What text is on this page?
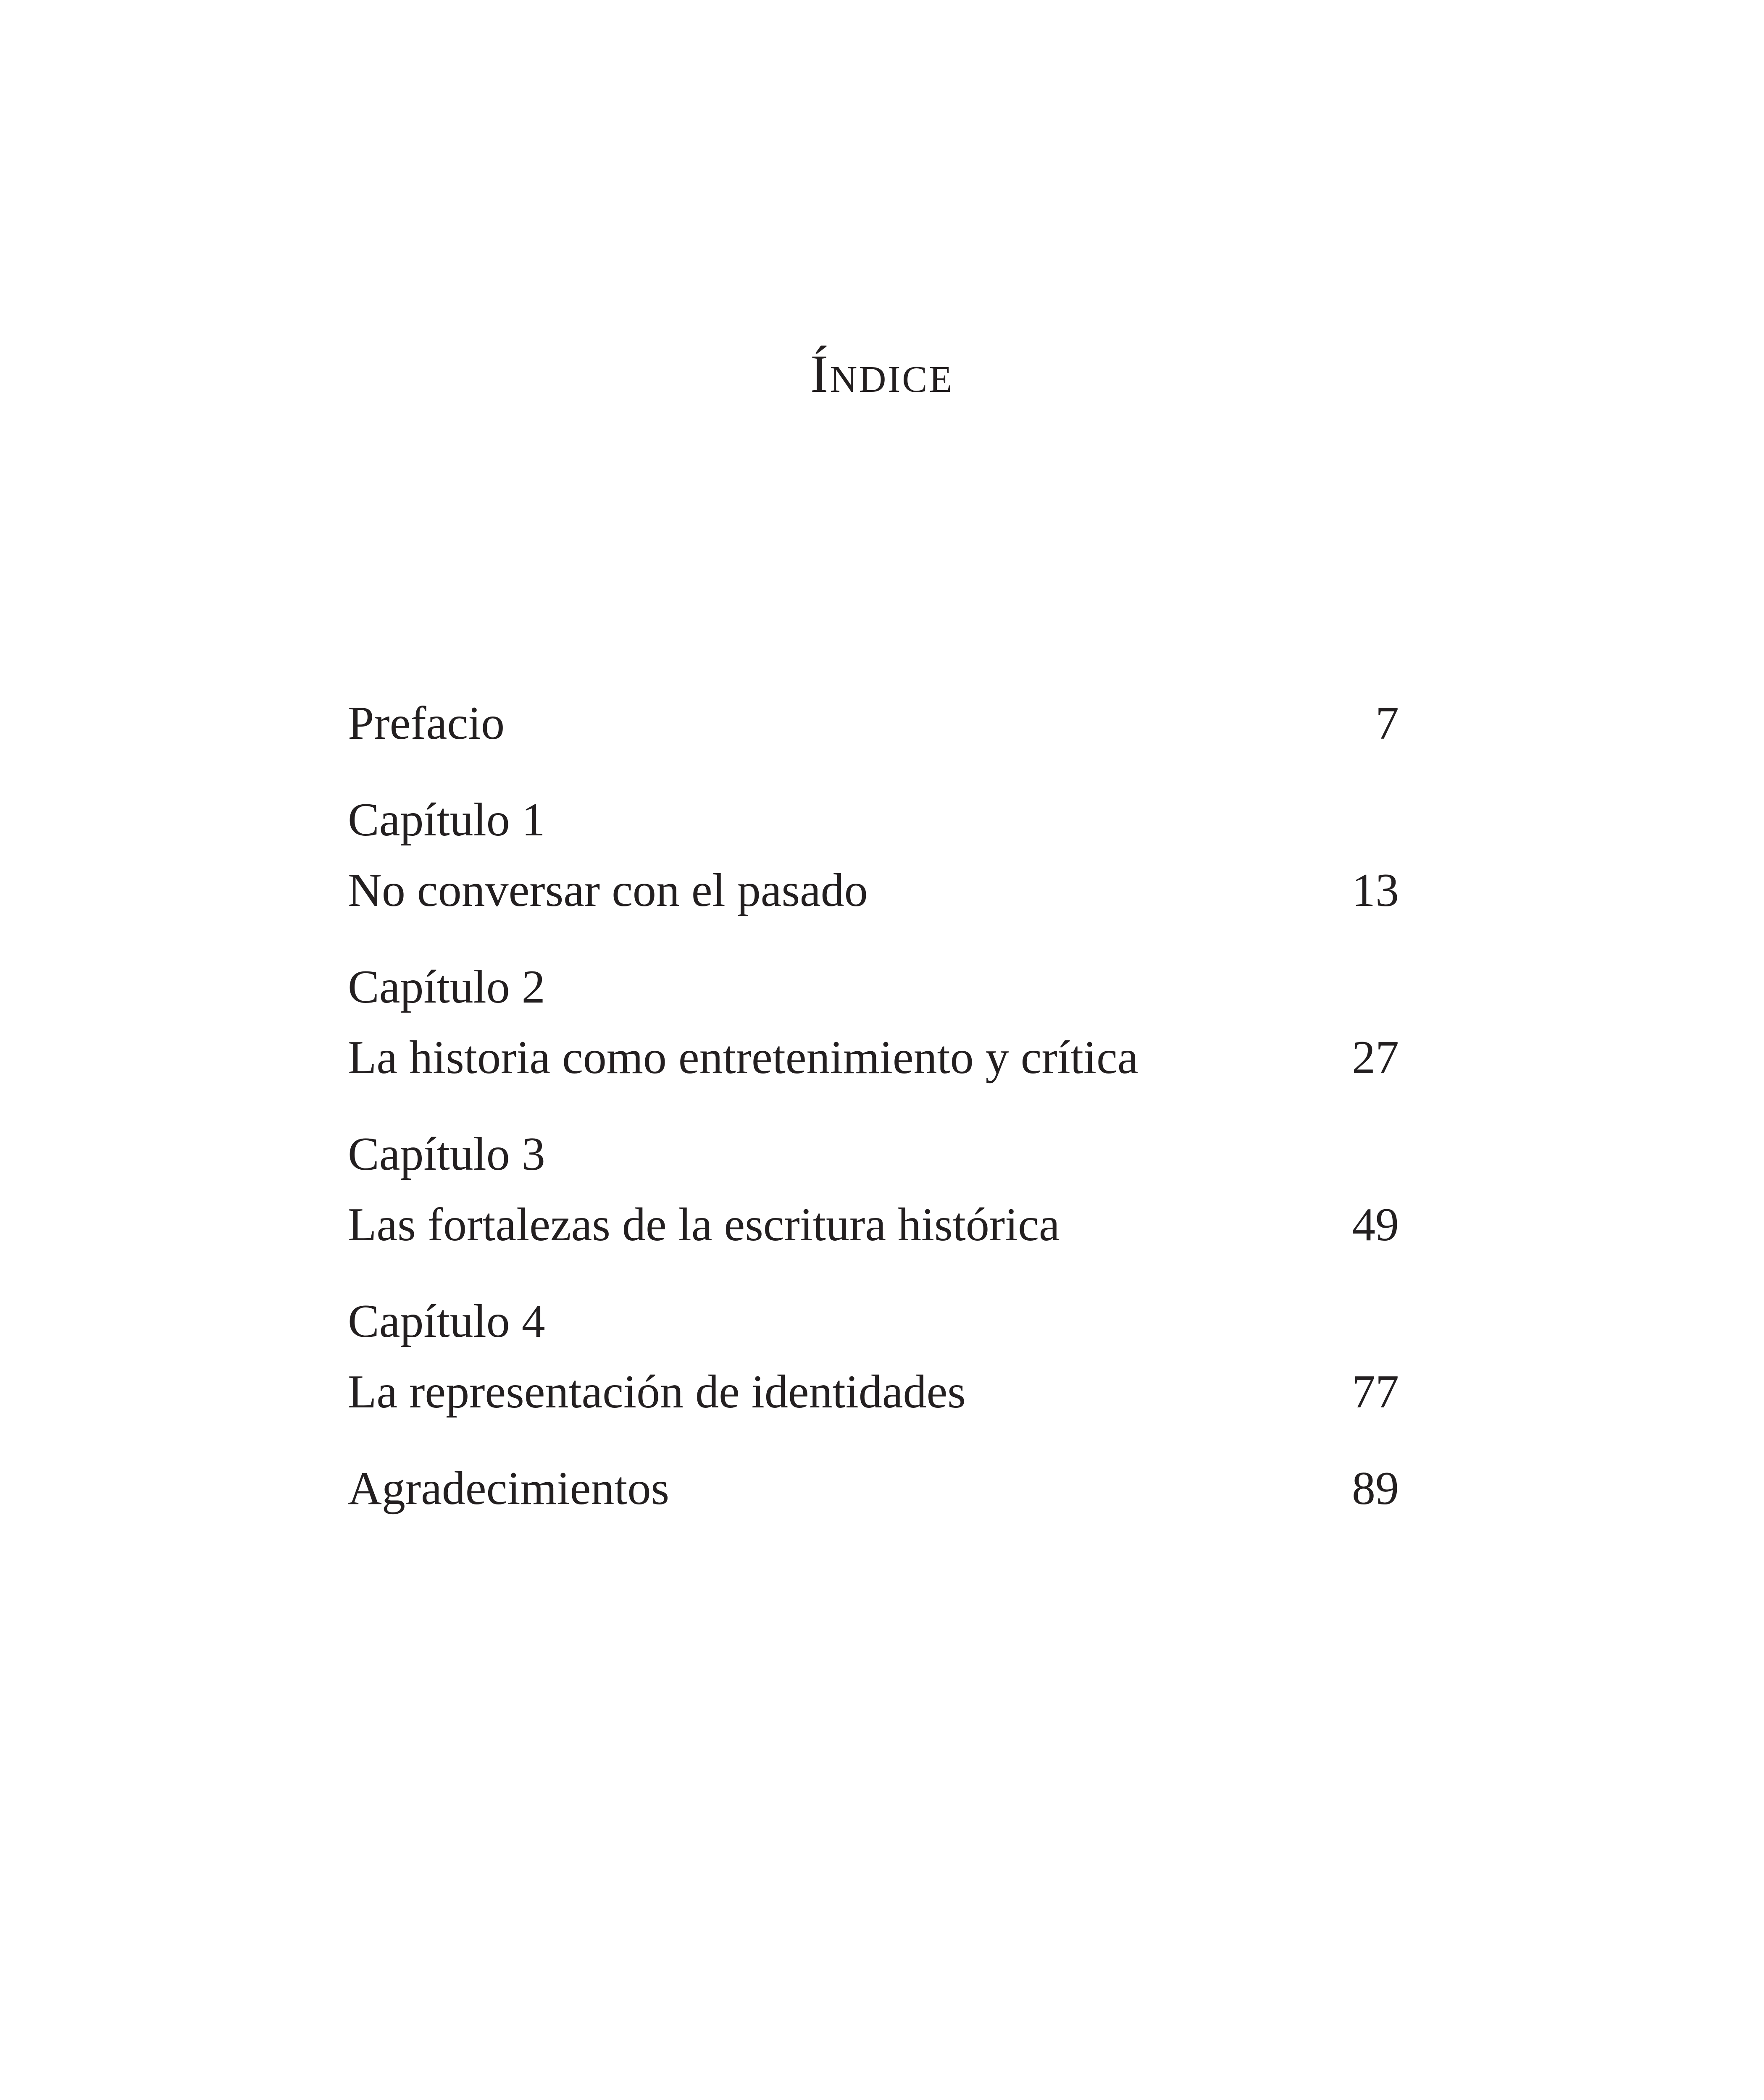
Índice
Prefacio	7
Capítulo 1
No conversar con el pasado	13
Capítulo 2
La historia como entretenimiento y crítica	27
Capítulo 3
Las fortalezas de la escritura histórica	49
Capítulo 4
La representación de identidades	77
Agradecimientos	89
